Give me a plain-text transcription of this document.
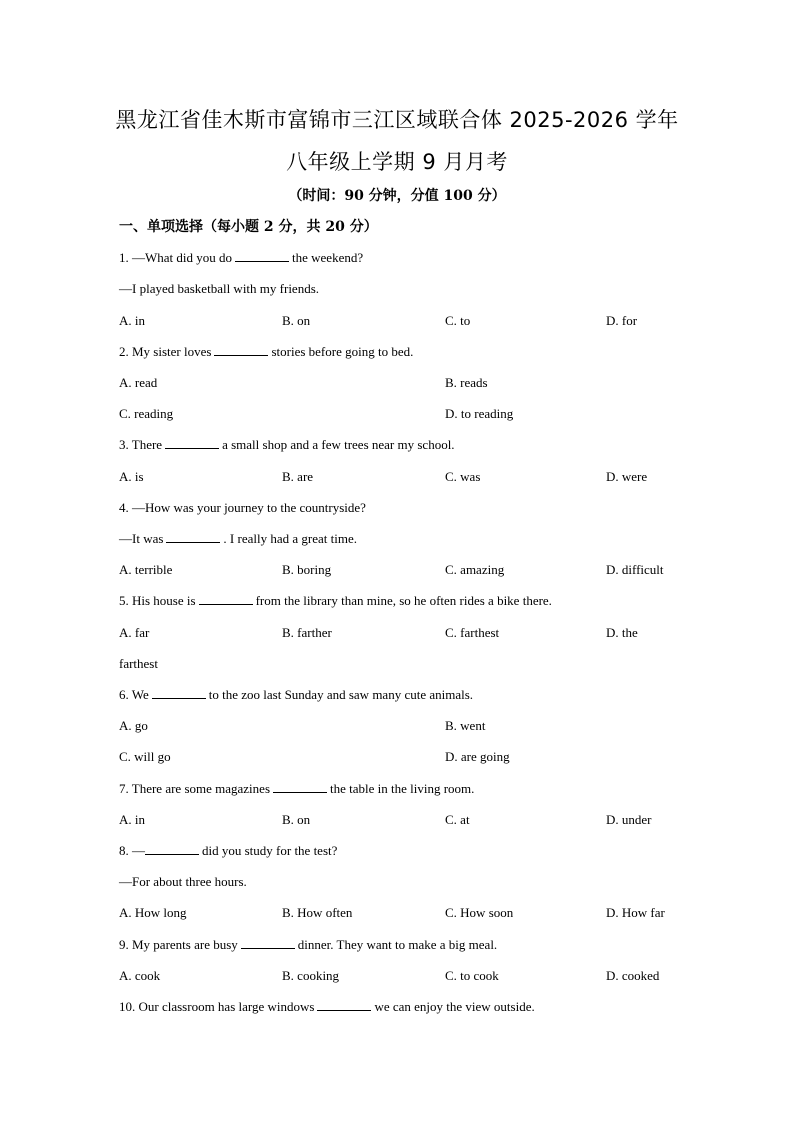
黑龙江省佳木斯市富锦市三江区域联合体 2025-2026 学年
八年级上学期 9 月月考
（时间：90 分钟，分值 100 分）
一、单项选择（每小题 2 分，共 20 分）
1. —What did you do	the weekend?
—I played basketball with my friends.
A. in	B. on	C. to	D. for
2. My sister loves	stories before going to bed.
A. read	B. reads
C. reading	D. to reading
3. There	a small shop and a few trees near my school.
A. is	B. are	C. was	D. were
4. —How was your journey to the countryside?
—It was	. I really had a great time.
A. terrible	B. boring	C. amazing	D. difficult
5. His house is	from the library than mine, so he often rides a bike there.
A. far	B. farther	C. farthest	D. the
farthest
6. We	to the zoo last Sunday and saw many cute animals.
A. go	B. went
C. will go	D. are going
7. There are some magazines	the table in the living room.
A. in	B. on	C. at	D. under
8. —	did you study for the test?
—For about three hours.
A. How long	B. How often	C. How soon	D. How far
9. My parents are busy	dinner. They want to make a big meal.
A. cook	B. cooking	C. to cook	D. cooked
10. Our classroom has large windows	we can enjoy the view outside.
